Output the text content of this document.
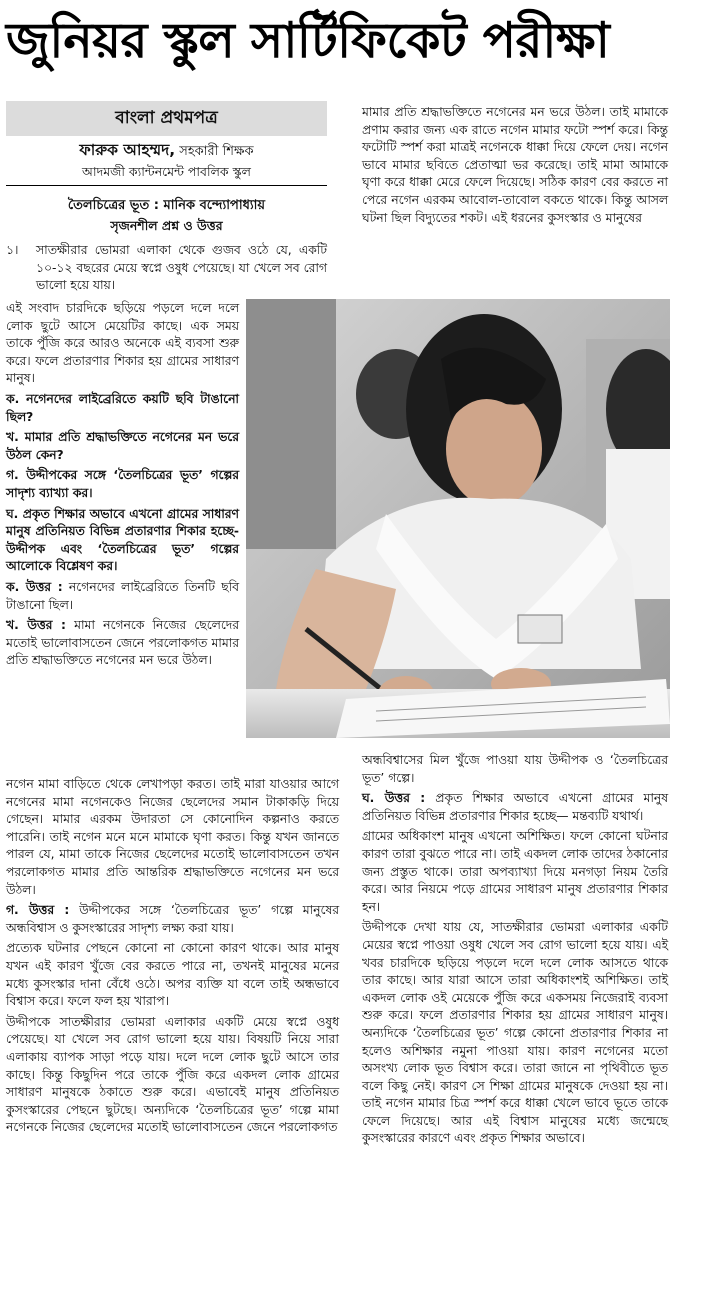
জুনিয়র স্কুল সার্টিফিকেট পরীক্ষা
বাংলা প্রথমপত্র
ফারুক আহম্মদ, সহকারী শিক্ষক
আদমজী ক্যান্টনমেন্ট পাবলিক স্কুল
তৈলচিত্রের ভূত : মানিক বন্দ্যোপাধ্যায়
সৃজনশীল প্রশ্ন ও উত্তর
১। সাতক্ষীরার ভোমরা এলাকা থেকে গুজব ওঠে যে, একটি ১০-১২ বছরের মেয়ে স্বপ্নে ওষুধ পেয়েছে। যা খেলে সব রোগ ভালো হয়ে যায়।

এই সংবাদ চারদিকে ছড়িয়ে পড়লে দলে দলে লোক ছুটে আসে মেয়েটির কাছে। এক সময় তাকে পুঁজি করে আরও অনেকে এই ব্যবসা শুরু করে। ফলে প্রতারণার শিকার হয় গ্রামের সাধারণ মানুষ।

ক. নগেনদের লাইব্রেরিতে কয়টি ছবি টাঙানো ছিল?

খ. মামার প্রতি শ্রদ্ধাভক্তিতে নগেনের মন ভরে উঠল কেন?

গ. উদ্দীপকের সঙ্গে ‘তৈলচিত্রের ভূত’ গল্পের সাদৃশ্য ব্যাখ্যা কর।

ঘ. প্রকৃত শিক্ষার অভাবে এখনো গ্রামের সাধারণ মানুষ প্রতিনিয়ত বিভিন্ন প্রতারণার শিকার হচ্ছে- উদ্দীপক এবং ‘তৈলচিত্রের ভূত’ গল্পের আলোকে বিশ্লেষণ কর।

ক. উত্তর : নগেনদের লাইব্রেরিতে তিনটি ছবি টাঙানো ছিল।

খ. উত্তর : মামা নগেনকে নিজের ছেলেদের মতোই ভালোবাসতেন জেনে পরলোকগত মামার প্রতি শ্রদ্ধাভক্তিতে নগেনের মন ভরে উঠল।

নগেন মামা বাড়িতে থেকে লেখাপড়া করত। তাই মারা যাওয়ার আগে নগেনের মামা নগেনকেও নিজের ছেলেদের সমান টাকাকড়ি দিয়ে গেছেন। মামার এরকম উদারতা সে কোনোদিন কল্পনাও করতে পারেনি। তাই নগেন মনে মনে মামাকে ঘৃণা করত। কিন্তু যখন জানতে পারল যে, মামা তাকে নিজের ছেলেদের মতোই ভালোবাসতেন তখন পরলোকগত মামার প্রতি আন্তরিক শ্রদ্ধাভক্তিতে নগেনের মন ভরে উঠল।

গ. উত্তর : উদ্দীপকের সঙ্গে ‘তৈলচিত্রের ভূত’ গল্পে মানুষের অন্ধবিশ্বাস ও কুসংস্কারের সাদৃশ্য লক্ষ্য করা যায়।

প্রত্যেক ঘটনার পেছনে কোনো না কোনো কারণ থাকে। আর মানুষ যখন এই কারণ খুঁজে বের করতে পারে না, তখনই মানুষের মনের মধ্যে কুসংস্কার দানা বেঁধে ওঠে। অপর ব্যক্তি যা বলে তাই অন্ধভাবে বিশ্বাস করে। ফলে ফল হয় খারাপ।

উদ্দীপকে সাতক্ষীরার ভোমরা এলাকার একটি মেয়ে স্বপ্নে ওষুধ পেয়েছে। যা খেলে সব রোগ ভালো হয়ে যায়। বিষয়টি নিয়ে সারা এলাকায় ব্যাপক সাড়া পড়ে যায়। দলে দলে লোক ছুটে আসে তার কাছে। কিন্তু কিছুদিন পরে তাকে পুঁজি করে একদল লোক গ্রামের সাধারণ মানুষকে ঠকাতে শুরু করে। এভাবেই মানুষ প্রতিনিয়ত কুসংস্কারের পেছনে ছুটছে। অন্যদিকে ‘তৈলচিত্রের ভূত’ গল্পে মামা নগেনকে নিজের ছেলেদের মতোই ভালোবাসতেন জেনে পরলোকগত

মামার প্রতি শ্রদ্ধাভক্তিতে নগেনের মন ভরে উঠল। তাই মামাকে প্রণাম করার জন্য এক রাতে নগেন মামার ফটো স্পর্শ করে। কিন্তু ফটোটি স্পর্শ করা মাত্রই নগেনকে ধাক্কা দিয়ে ফেলে দেয়। নগেন ভাবে মামার ছবিতে প্রেতাত্মা ভর করেছে। তাই মামা আমাকে ঘৃণা করে ধাক্কা মেরে ফেলে দিয়েছে। সঠিক কারণ বের করতে না পেরে নগেন এরকম আবোল-তাবোল বকতে থাকে। কিন্তু আসল ঘটনা ছিল বিদ্যুতের শকট। এই ধরনের কুসংস্কার ও মানুষের

অন্ধবিশ্বাসের মিল খুঁজে পাওয়া যায় উদ্দীপক ও ‘তৈলচিত্রের ভূত’ গল্পে।

ঘ. উত্তর : প্রকৃত শিক্ষার অভাবে এখনো গ্রামের মানুষ প্রতিনিয়ত বিভিন্ন প্রতারণার শিকার হচ্ছে— মন্তব্যটি যথার্থ।

গ্রামের অধিকাংশ মানুষ এখনো অশিক্ষিত। ফলে কোনো ঘটনার কারণ তারা বুঝতে পারে না। তাই একদল লোক তাদের ঠকানোর জন্য প্রস্তুত থাকে। তারা অপব্যাখ্যা দিয়ে মনগড়া নিয়ম তৈরি করে। আর নিয়মে পড়ে গ্রামের সাধারণ মানুষ প্রতারণার শিকার হন।

উদ্দীপকে দেখা যায় যে, সাতক্ষীরার ভোমরা এলাকার একটি মেয়ের স্বপ্নে পাওয়া ওষুধ খেলে সব রোগ ভালো হয়ে যায়। এই খবর চারদিকে ছড়িয়ে পড়লে দলে দলে লোক আসতে থাকে তার কাছে। আর যারা আসে তারা অধিকাংশই অশিক্ষিত। তাই একদল লোক ওই মেয়েকে পুঁজি করে একসময় নিজেরাই ব্যবসা শুরু করে। ফলে প্রতারণার শিকার হয় গ্রামের সাধারণ মানুষ। অন্যদিকে ‘তৈলচিত্রের ভূত’ গল্পে কোনো প্রতারণার শিকার না হলেও অশিক্ষার নমুনা পাওয়া যায়। কারণ নগেনের মতো অসংখ্য লোক ভূত বিশ্বাস করে। তারা জানে না পৃথিবীতে ভূত বলে কিছু নেই। কারণ সে শিক্ষা গ্রামের মানুষকে দেওয়া হয় না। তাই নগেন মামার চিত্র স্পর্শ করে ধাক্কা খেলে ভাবে ভূতে তাকে ফেলে দিয়েছে। আর এই বিশ্বাস মানুষের মধ্যে জন্মেছে কুসংস্কারের কারণে এবং প্রকৃত শিক্ষার অভাবে।
